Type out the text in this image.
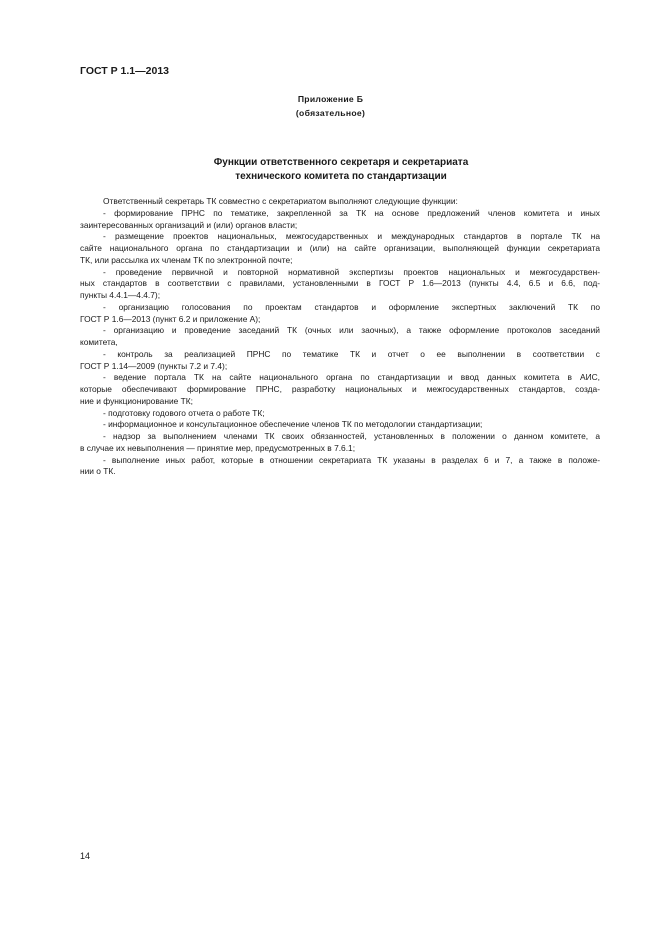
ГОСТ Р 1.1—2013
Приложение Б
(обязательное)
Функции ответственного секретаря и секретариата
технического комитета по стандартизации
Ответственный секретарь ТК совместно с секретариатом выполняют следующие функции:
- формирование ПРНС по тематике, закрепленной за ТК на основе предложений членов комитета и иных
заинтересованных организаций и (или) органов власти;
- размещение проектов национальных, межгосударственных и международных стандартов в портале ТК на
сайте национального органа по стандартизации и (или) на сайте организации, выполняющей функции секретариата
ТК, или рассылка их членам ТК по электронной почте;
- проведение первичной и повторной нормативной экспертизы проектов национальных и межгосударствен-
ных стандартов в соответствии с правилами, установленными в ГОСТ Р 1.6—2013 (пункты 4.4, 6.5 и 6.6, под-
пункты 4.4.1—4.4.7);
- организацию голосования по проектам стандартов и оформление экспертных заключений ТК по
ГОСТ Р 1.6—2013 (пункт 6.2 и приложение А);
- организацию и проведение заседаний ТК (очных или заочных), а также оформление протоколов заседаний
комитета,
- контроль за реализацией ПРНС по тематике ТК и отчет о ее выполнении в соответствии с
ГОСТ Р 1.14—2009 (пункты 7.2 и 7.4);
- ведение портала ТК на сайте национального органа по стандартизации и ввод данных комитета в АИС,
которые обеспечивают формирование ПРНС, разработку национальных и межгосударственных стандартов, созда-
ние и функционирование ТК;
- подготовку годового отчета о работе ТК;
- информационное и консультационное обеспечение членов ТК по методологии стандартизации;
- надзор за выполнением членами ТК своих обязанностей, установленных в положении о данном комитете, а
в случае их невыполнения — принятие мер, предусмотренных в 7.6.1;
- выполнение иных работ, которые в отношении секретариата ТК указаны в разделах 6 и 7, а также в положе-
нии о ТК.
14
